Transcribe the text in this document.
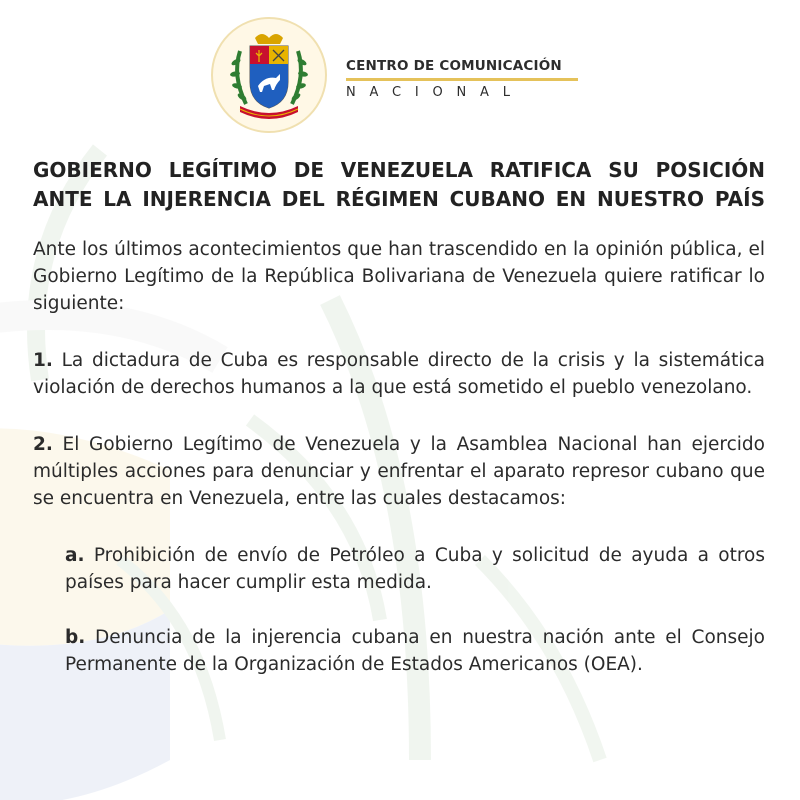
CENTRO DE COMUNICACIÓN
NACIONAL
GOBIERNO LEGÍTIMO DE VENEZUELA RATIFICA SU POSICIÓN
ANTE LA INJERENCIA DEL RÉGIMEN CUBANO EN NUESTRO PAÍS

Ante los últimos acontecimientos que han trascendido en la opinión pública, el Gobierno Legítimo de la República Bolivariana de Venezuela quiere ratificar lo siguiente:

1. La dictadura de Cuba es responsable directo de la crisis y la sistemática violación de derechos humanos a la que está sometido el pueblo venezolano.

2. El Gobierno Legítimo de Venezuela y la Asamblea Nacional han ejercido múltiples acciones para denunciar y enfrentar el aparato represor cubano que se encuentra en Venezuela, entre las cuales destacamos:

a. Prohibición de envío de Petróleo a Cuba y solicitud de ayuda a otros países para hacer cumplir esta medida.

b. Denuncia de la injerencia cubana en nuestra nación ante el Consejo Permanente de la Organización de Estados Americanos (OEA).
